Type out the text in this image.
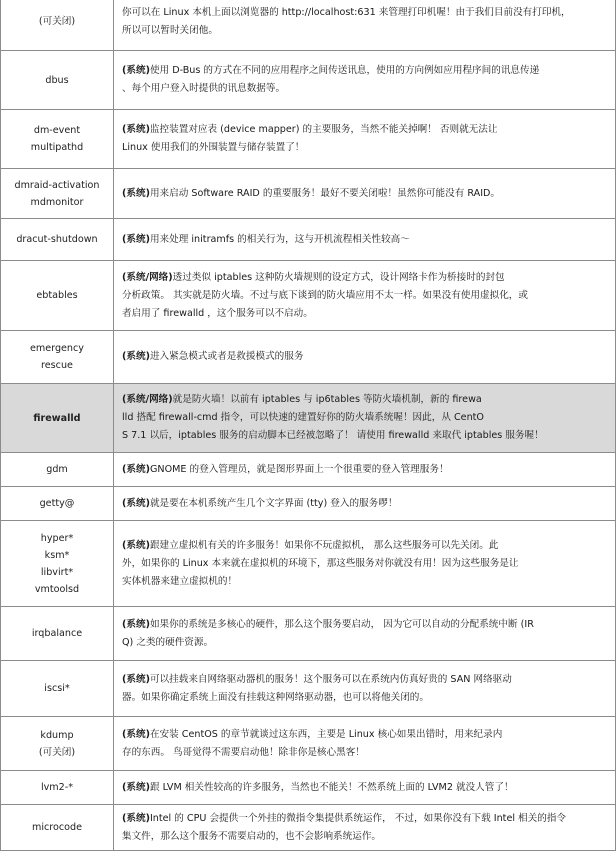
(可关闭)	你可以在 Linux 本机上面以浏览器的 http://localhost:631 来管理打印机喔！由于我们目前没有打印机，
所以可以暂时关闭他。

dbus	(系统)使用 D-Bus 的方式在不同的应用程序之间传送讯息，使用的方向例如应用程序间的讯息传递
、每个用户登入时提供的讯息数据等。

dm-event
multipathd	(系统)监控装置对应表 (device mapper) 的主要服务，当然不能关掉啊！ 否则就无法让
Linux 使用我们的外围装置与储存装置了！

dmraid-activation
mdmonitor	(系统)用来启动 Software RAID 的重要服务！最好不要关闭啦！虽然你可能没有 RAID。

dracut-shutdown	(系统)用来处理 initramfs 的相关行为，这与开机流程相关性较高～

ebtables	(系统/网络)透过类似 iptables 这种防火墙规则的设定方式，设计网络卡作为桥接时的封包
分析政策。 其实就是防火墙。不过与底下谈到的防火墙应用不太一样。如果没有使用虚拟化，或
者启用了 firewalld ，这个服务可以不启动。

emergency
rescue	(系统)进入紧急模式或者是救援模式的服务

firewalld	(系统/网络)就是防火墙！以前有 iptables 与 ip6tables 等防火墙机制，新的 firewa
lld 搭配 firewall-cmd 指令，可以快速的建置好你的防火墙系统喔！因此，从 CentO
S 7.1 以后，iptables 服务的启动脚本已经被忽略了！ 请使用 firewalld 来取代 iptables 服务喔！

gdm	(系统)GNOME 的登入管理员，就是图形界面上一个很重要的登入管理服务！

getty@	(系统)就是要在本机系统产生几个文字界面 (tty) 登入的服务啰！

hyper*
ksm*
libvirt*
vmtoolsd	(系统)跟建立虚拟机有关的许多服务！如果你不玩虚拟机， 那么这些服务可以先关闭。此
外，如果你的 Linux 本来就在虚拟机的环境下，那这些服务对你就没有用！因为这些服务是让
实体机器来建立虚拟机的！

irqbalance	(系统)如果你的系统是多核心的硬件，那么这个服务要启动， 因为它可以自动的分配系统中断 (IR
Q) 之类的硬件资源。

iscsi*	(系统)可以挂载来自网络驱动器机的服务！这个服务可以在系统内仿真好贵的 SAN 网络驱动
器。如果你确定系统上面没有挂载这种网络驱动器，也可以将他关闭的。

kdump
(可关闭)	(系统)在安装 CentOS 的章节就谈过这东西，主要是 Linux 核心如果出错时，用来纪录内
存的东西。 鸟哥觉得不需要启动他！除非你是核心黑客！

lvm2-*	(系统)跟 LVM 相关性较高的许多服务，当然也不能关！不然系统上面的 LVM2 就没人管了！

microcode	(系统)Intel 的 CPU 会提供一个外挂的微指令集提供系统运作， 不过，如果你没有下载 Intel 相关的指令
集文件，那么这个服务不需要启动的，也不会影响系统运作。
